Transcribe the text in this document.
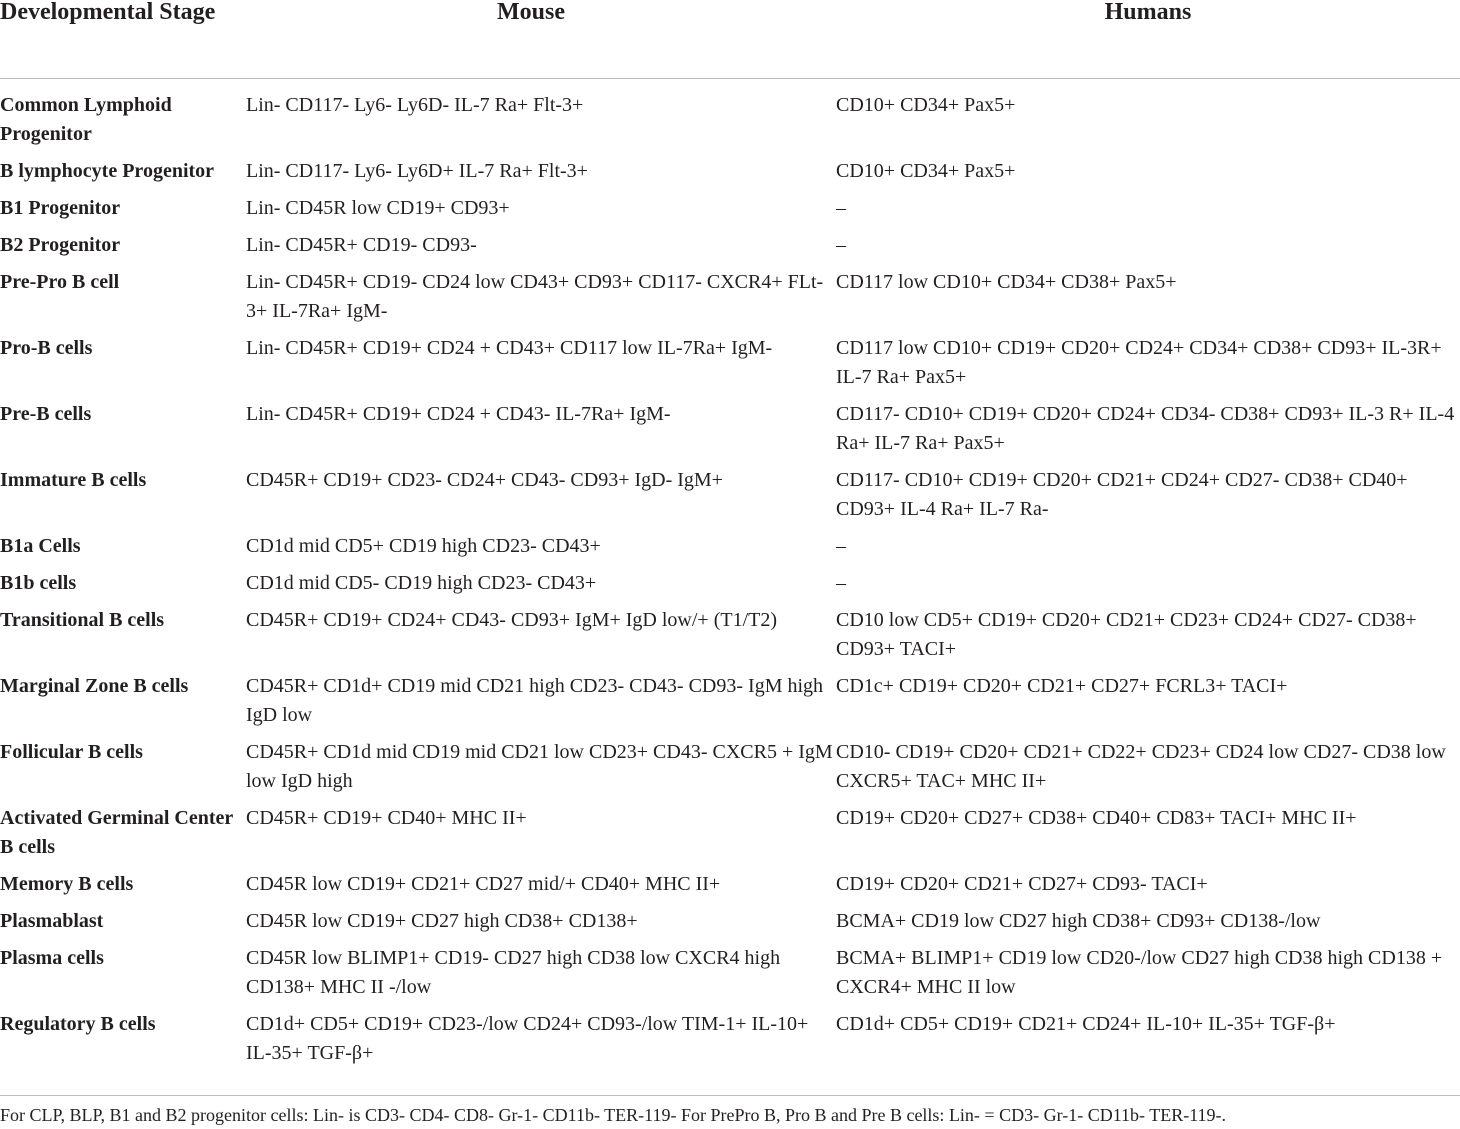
Developmental Stage	Mouse	Humans
Common Lymphoid Progenitor	Lin- CD117- Ly6- Ly6D- IL-7 Ra+ Flt-3+	CD10+ CD34+ Pax5+
B lymphocyte Progenitor	Lin- CD117- Ly6- Ly6D+ IL-7 Ra+ Flt-3+	CD10+ CD34+ Pax5+
B1 Progenitor	Lin- CD45R low CD19+ CD93+	–
B2 Progenitor	Lin- CD45R+ CD19- CD93-	–
Pre-Pro B cell	Lin- CD45R+ CD19- CD24 low CD43+ CD93+ CD117- CXCR4+ FLt-3+ IL-7Ra+ IgM-	CD117 low CD10+ CD34+ CD38+ Pax5+
Pro-B cells	Lin- CD45R+ CD19+ CD24 + CD43+ CD117 low IL-7Ra+ IgM-	CD117 low CD10+ CD19+ CD20+ CD24+ CD34+ CD38+ CD93+ IL-3R+ IL-7 Ra+ Pax5+
Pre-B cells	Lin- CD45R+ CD19+ CD24 + CD43- IL-7Ra+ IgM-	CD117- CD10+ CD19+ CD20+ CD24+ CD34- CD38+ CD93+ IL-3 R+ IL-4 Ra+ IL-7 Ra+ Pax5+
Immature B cells	CD45R+ CD19+ CD23- CD24+ CD43- CD93+ IgD- IgM+	CD117- CD10+ CD19+ CD20+ CD21+ CD24+ CD27- CD38+ CD40+ CD93+ IL-4 Ra+ IL-7 Ra-
B1a Cells	CD1d mid CD5+ CD19 high CD23- CD43+	–
B1b cells	CD1d mid CD5- CD19 high CD23- CD43+	–
Transitional B cells	CD45R+ CD19+ CD24+ CD43- CD93+ IgM+ IgD low/+ (T1/T2)	CD10 low CD5+ CD19+ CD20+ CD21+ CD23+ CD24+ CD27- CD38+ CD93+ TACI+
Marginal Zone B cells	CD45R+ CD1d+ CD19 mid CD21 high CD23- CD43- CD93- IgM high IgD low	CD1c+ CD19+ CD20+ CD21+ CD27+ FCRL3+ TACI+
Follicular B cells	CD45R+ CD1d mid CD19 mid CD21 low CD23+ CD43- CXCR5 + IgM low IgD high	CD10- CD19+ CD20+ CD21+ CD22+ CD23+ CD24 low CD27- CD38 low CXCR5+ TAC+ MHC II+
Activated Germinal Center B cells	CD45R+ CD19+ CD40+ MHC II+	CD19+ CD20+ CD27+ CD38+ CD40+ CD83+ TACI+ MHC II+
Memory B cells	CD45R low CD19+ CD21+ CD27 mid/+ CD40+ MHC II+	CD19+ CD20+ CD21+ CD27+ CD93- TACI+
Plasmablast	CD45R low CD19+ CD27 high CD38+ CD138+	BCMA+ CD19 low CD27 high CD38+ CD93+ CD138-/low
Plasma cells	CD45R low BLIMP1+ CD19- CD27 high CD38 low CXCR4 high CD138+ MHC II -/low	BCMA+ BLIMP1+ CD19 low CD20-/low CD27 high CD38 high CD138 + CXCR4+ MHC II low
Regulatory B cells	CD1d+ CD5+ CD19+ CD23-/low CD24+ CD93-/low TIM-1+ IL-10+ IL-35+ TGF-β+	CD1d+ CD5+ CD19+ CD21+ CD24+ IL-10+ IL-35+ TGF-β+
For CLP, BLP, B1 and B2 progenitor cells: Lin- is CD3- CD4- CD8- Gr-1- CD11b- TER-119- For PrePro B, Pro B and Pre B cells: Lin- = CD3- Gr-1- CD11b- TER-119-.
